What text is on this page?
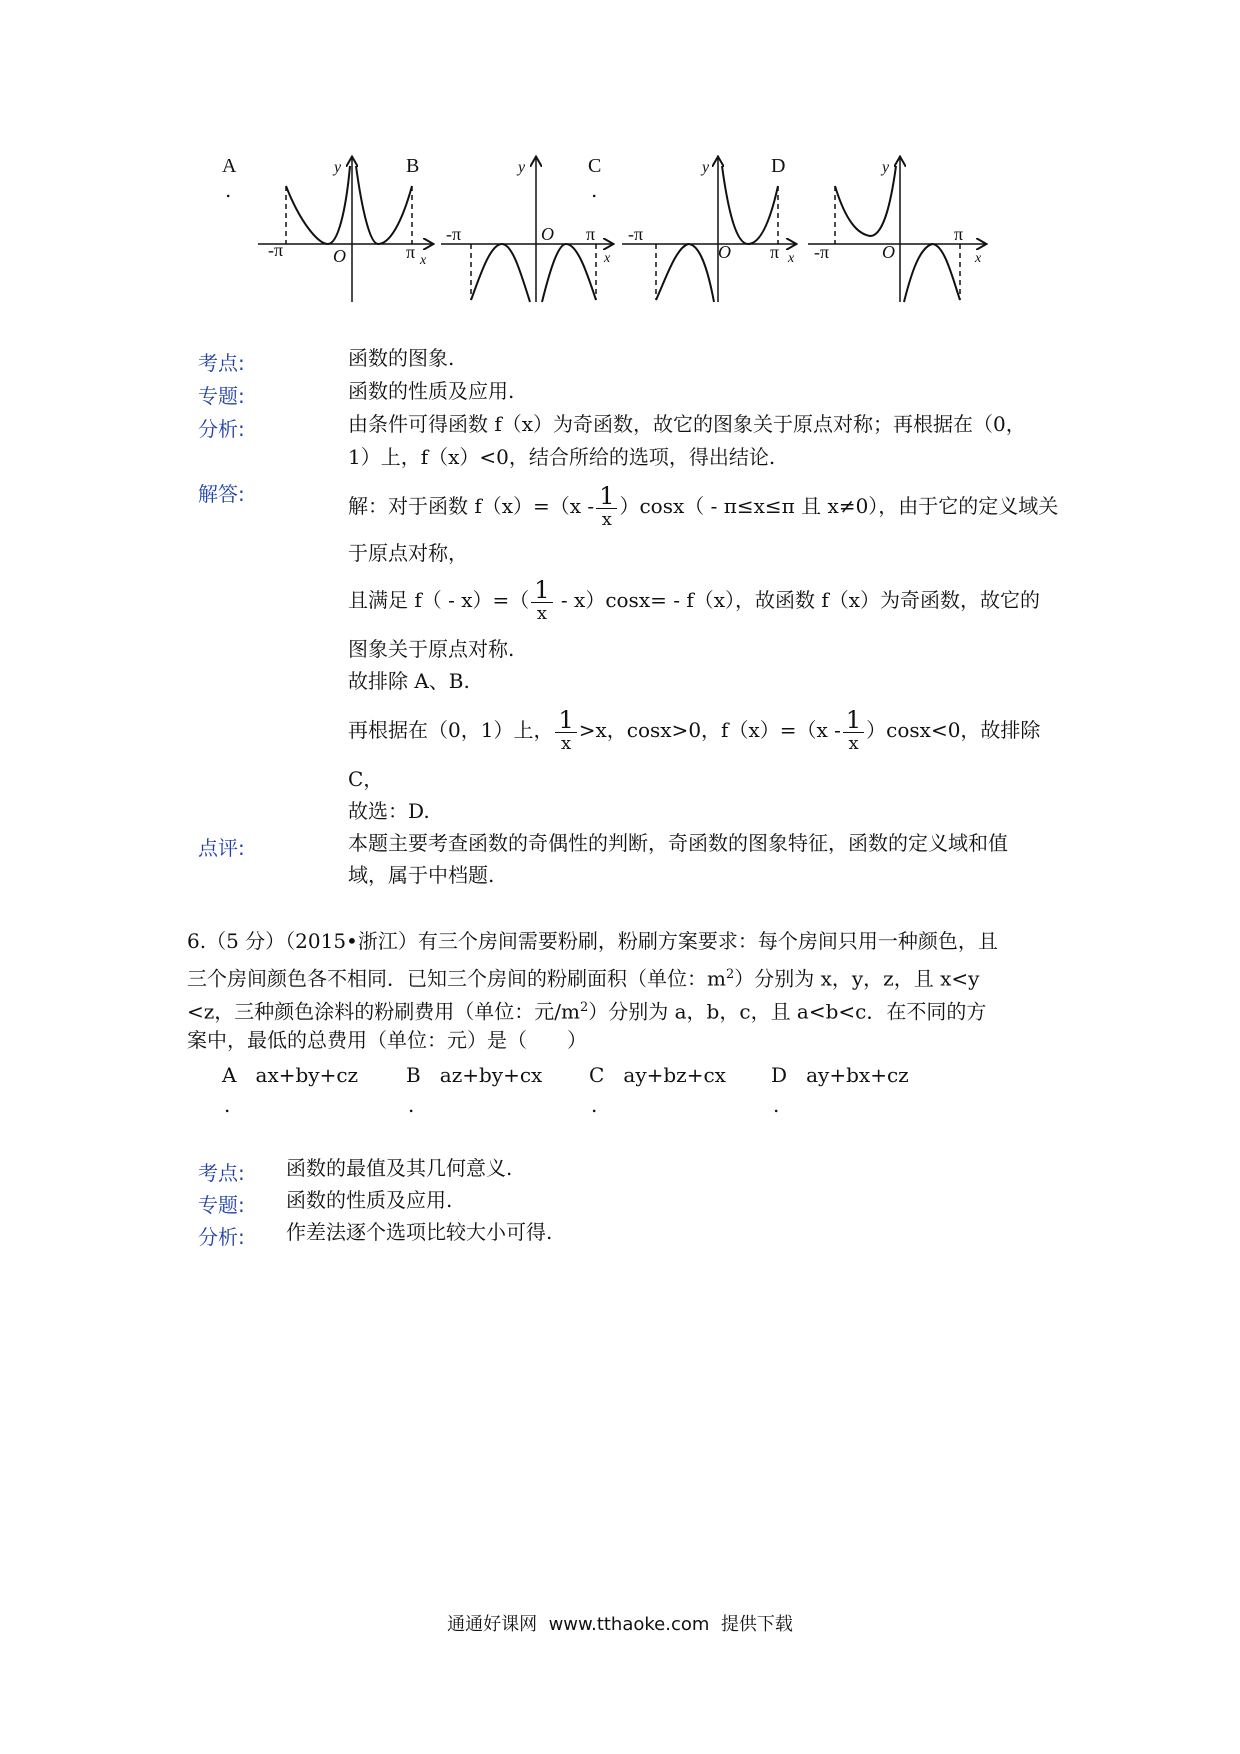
A
.
B	C
.
D
-π	O	π x
y
-π	O π
x
y
-π
O π x
y
-π	O
π
x
y
考点:	函数的图象.
专题:	函数的性质及应用.
分析:	由条件可得函数 f（x）为奇函数，故它的图象关于原点对称；再根据在（0，
1）上，f（x）<0，结合所给的选项，得出结论.
解答:	解：对于函数 $f(x)=(x - \frac{1}{x} )\cos x( - \pi\le x\le\pi$ 且 x≠0），由于它的定义域关
于原点对称，
且满足 $f( - x)=( \frac{1}{x} - x)\cos x= - f(x)$，故函数 f（x）为奇函数，故它的
图象关于原点对称.
故排除 A、B.
再根据在（0，1）上， $\frac{1}{x} >x$，cosx>0，$f(x)=(x - \frac{1}{x} )\cos x<0$，故排除
C，
故选：D.
点评:	本题主要考查函数的奇偶性的判断，奇函数的图象特征，函数的定义域和值
域，属于中档题.
6.（5 分）（2015•浙江）有三个房间需要粉刷，粉刷方案要求：每个房间只用一种颜色，且
三个房间颜色各不相同．已知三个房间的粉刷面积（单位：$m^2$）分别为 x，y，z，且 x<y
<z，三种颜色涂料的粉刷费用（单位：元$/m^2$）分别为 a，b，c，且 a<b<c．在不同的方
案中，最低的总费用（单位：元）是（　　）
A ax+by+cz
.
B az+by+cx
.
C ay+bz+cx
.
D ay+bx+cz
.
考点: 函数的最值及其几何意义.
专题: 函数的性质及应用.
分析: 作差法逐个选项比较大小可得.
通通好课网  www.tthaoke.com  提供下载
